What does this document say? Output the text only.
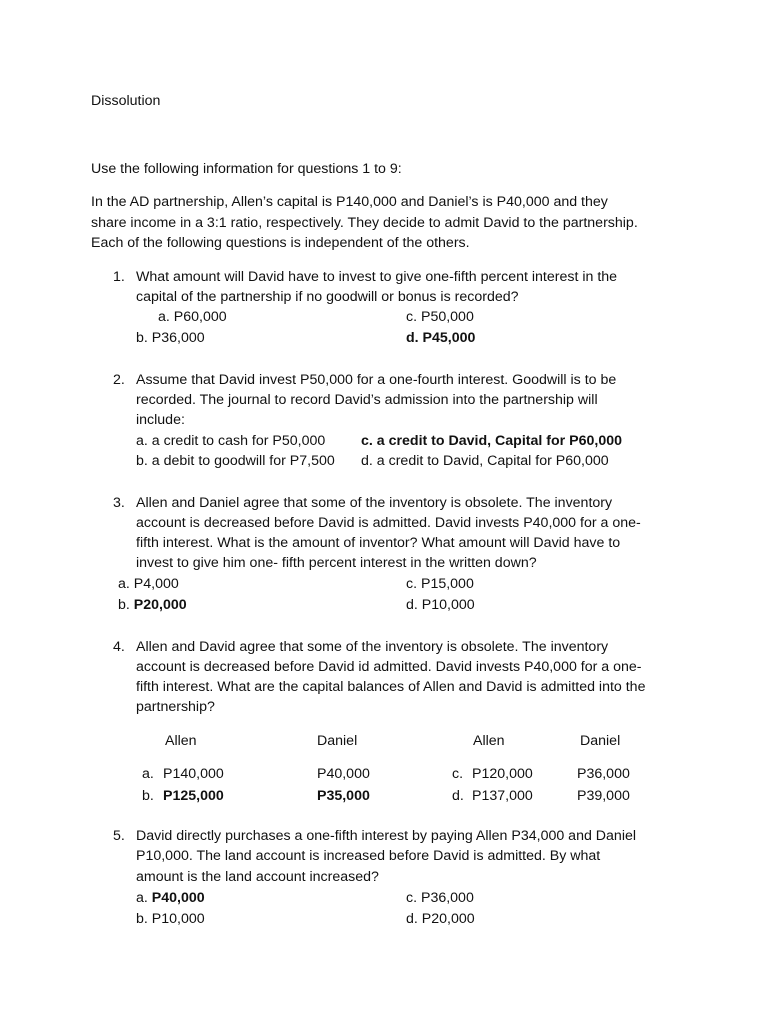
Dissolution
Use the following information for questions 1 to 9:
In the AD partnership, Allen’s capital is P140,000 and Daniel’s is P40,000 and they
share income in a 3:1 ratio, respectively. They decide to admit David to the partnership.
Each of the following questions is independent of the others.
1. What amount will David have to invest to give one-fifth percent interest in the
capital of the partnership if no goodwill or bonus is recorded?
a. P60,000	c. P50,000
b. P36,000	d. P45,000
2. Assume that David invest P50,000 for a one-fourth interest. Goodwill is to be
recorded. The journal to record David’s admission into the partnership will
include:
a. a credit to cash for P50,000	c. a credit to David, Capital for P60,000
b. a debit to goodwill for P7,500 d. a credit to David, Capital for P60,000
3. Allen and Daniel agree that some of the inventory is obsolete. The inventory
account is decreased before David is admitted. David invests P40,000 for a one-
fifth interest. What is the amount of inventor? What amount will David have to
invest to give him one- fifth percent interest in the written down?
a. P4,000	c. P15,000
b. P20,000	d. P10,000
4. Allen and David agree that some of the inventory is obsolete. The inventory
account is decreased before David id admitted. David invests P40,000 for a one-
fifth interest. What are the capital balances of Allen and David is admitted into the
partnership?
Allen	Daniel	Allen	Daniel
a. P140,000	P40,000	c. P120,000	P36,000
b. P125,000	P35,000	d. P137,000	P39,000
5. David directly purchases a one-fifth interest by paying Allen P34,000 and Daniel
P10,000. The land account is increased before David is admitted. By what
amount is the land account increased?
a. P40,000	c. P36,000
b. P10,000	d. P20,000
